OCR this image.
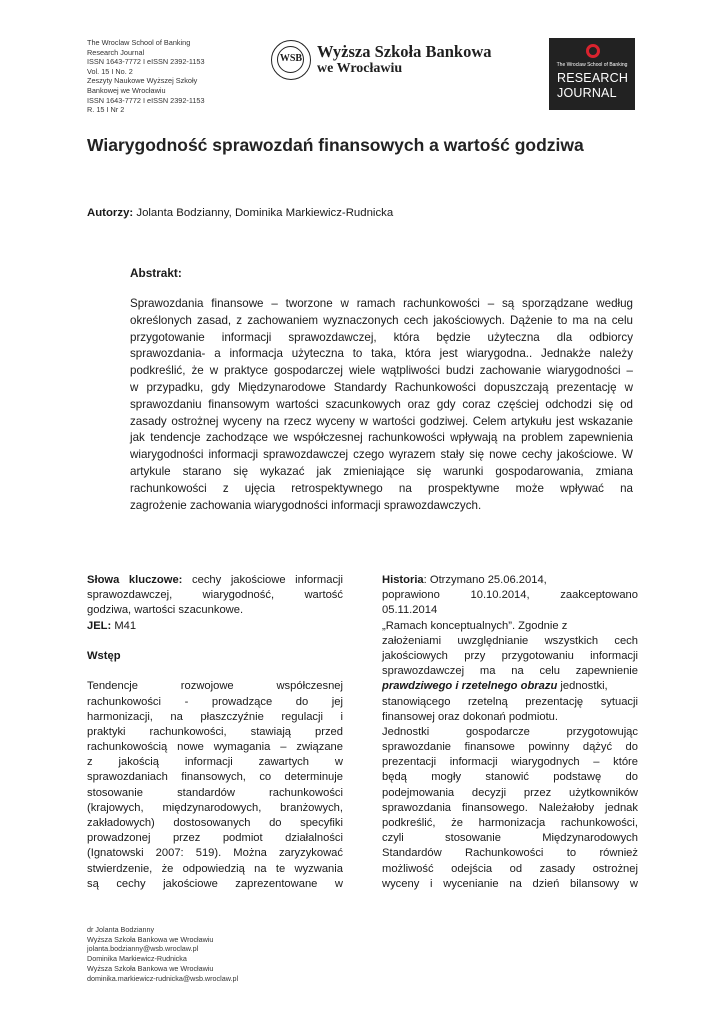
The Wroclaw School of Banking
Research Journal
ISSN 1643-7772 I eISSN 2392-1153
Vol. 15 I No. 2
Zeszyty Naukowe Wyższej Szkoły
Bankowej we Wrocławiu
ISSN 1643-7772 I eISSN 2392-1153
R. 15 I Nr 2
WSB Wyższa Szkoła Bankowa
we Wrocławiu	The Wroclaw School of Banking
RESEARCH
JOURNAL
Wiarygodność sprawozdań finansowych a wartość godziwa
Autorzy: Jolanta Bodzianny, Dominika Markiewicz-Rudnicka
Abstrakt:
Sprawozdania finansowe – tworzone w ramach rachunkowości – są sporządzane według
określonych zasad, z zachowaniem wyznaczonych cech jakościowych. Dążenie to ma na celu
przygotowanie informacji sprawozdawczej, która będzie użyteczna dla odbiorcy
sprawozdania- a informacja użyteczna to taka, która jest wiarygodna.. Jednakże należy
podkreślić, że w praktyce gospodarczej wiele wątpliwości budzi zachowanie wiarygodności –
w przypadku, gdy Międzynarodowe Standardy Rachunkowości dopuszczają prezentację w
sprawozdaniu finansowym wartości szacunkowych oraz gdy coraz częściej odchodzi się od
zasady ostrożnej wyceny na rzecz wyceny w wartości godziwej. Celem artykułu jest wskazanie
jak tendencje zachodzące we współczesnej rachunkowości wpływają na problem zapewnienia
wiarygodności informacji sprawozdawczej czego wyrazem stały się nowe cechy jakościowe. W
artykule starano się wykazać jak zmieniające się warunki gospodarowania, zmiana
rachunkowości z ujęcia retrospektywnego na prospektywne może wpływać na
zagrożenie zachowania wiarygodności informacji sprawozdawczych.
Słowa kluczowe: cechy jakościowe informacji
sprawozdawczej, wiarygodność, wartość
godziwa, wartości szacunkowe.
JEL: M41
Wstęp
Tendencje rozwojowe współczesnej
rachunkowości - prowadzące do jej
harmonizacji, na płaszczyźnie regulacji i
praktyki rachunkowości, stawiają przed
rachunkowością nowe wymagania – związane
z jakością informacji zawartych w
sprawozdaniach finansowych, co determinuje
stosowanie standardów rachunkowości
(krajowych, międzynarodowych, branżowych,
zakładowych) dostosowanych do specyfiki
prowadzonej przez podmiot działalności
(Ignatowski 2007: 519). Można zaryzykować
stwierdzenie, że odpowiedzią na te wyzwania
są cechy jakościowe zaprezentowane w
Historia: Otrzymano 25.06.2014,
poprawiono 10.10.2014, zaakceptowano
05.11.2014
„Ramach konceptualnych”. Zgodnie z
założeniami uwzględnianie wszystkich cech
jakościowych przy przygotowaniu informacji
sprawozdawczej ma na celu zapewnienie
prawdziwego i rzetelnego obrazu jednostki,
stanowiącego rzetelną prezentację sytuacji
finansowej oraz dokonań podmiotu.
Jednostki gospodarcze przygotowując
sprawozdanie finansowe powinny dążyć do
prezentacji informacji wiarygodnych – które
będą mogły stanowić podstawę do
podejmowania decyzji przez użytkowników
sprawozdania finansowego. Należałoby jednak
podkreślić, że harmonizacja rachunkowości,
czyli stosowanie Międzynarodowych
Standardów Rachunkowości to również
możliwość odejścia od zasady ostrożnej
wyceny i wycenianie na dzień bilansowy w
dr Jolanta Bodzianny
Wyższa Szkoła Bankowa we Wrocławiu
jolanta.bodzianny@wsb.wroclaw.pl
Dominika Markiewicz-Rudnicka
Wyższa Szkoła Bankowa we Wrocławiu
dominika.markiewicz-rudnicka@wsb.wroclaw.pl
